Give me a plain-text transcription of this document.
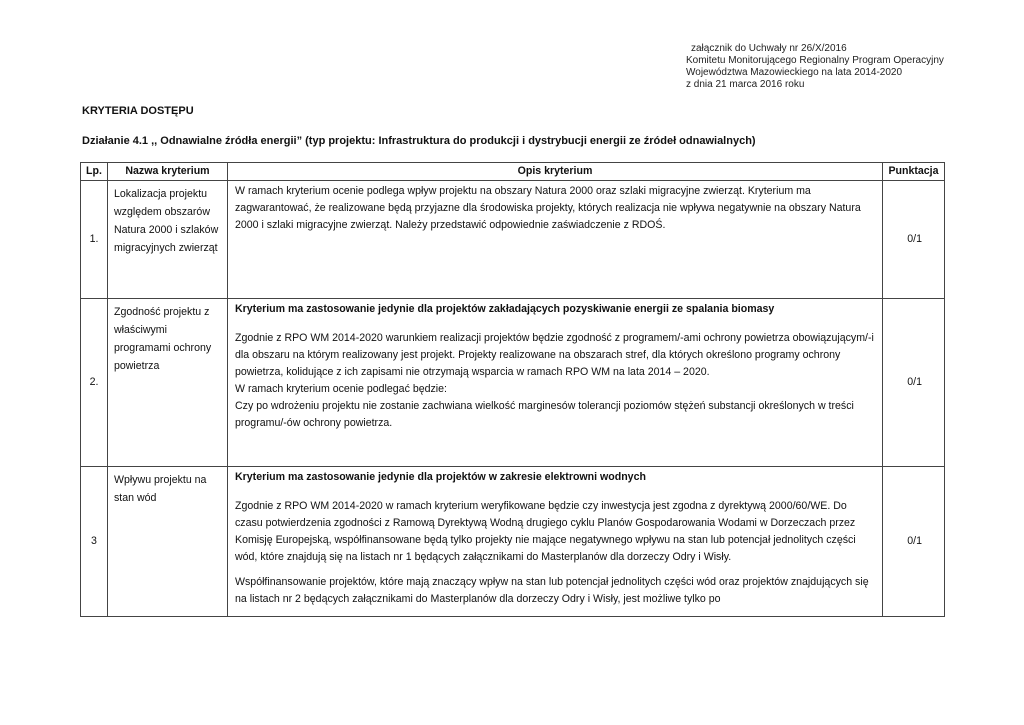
załącznik do Uchwały nr 26/X/2016
Komitetu Monitorującego Regionalny Program Operacyjny
Województwa Mazowieckiego na lata 2014-2020
z dnia 21 marca 2016 roku
KRYTERIA DOSTĘPU
Działanie 4.1 ,, Odnawialne źródła energii” (typ projektu: Infrastruktura do produkcji i dystrybucji energii ze źródeł odnawialnych)
Lp.	Nazwa kryterium	Opis kryterium	Punktacja
1.	Lokalizacja projektu względem obszarów Natura 2000 i szlaków migracyjnych zwierząt	W ramach kryterium ocenie podlega wpływ projektu na obszary Natura 2000 oraz szlaki migracyjne zwierząt. Kryterium ma zagwarantować, że realizowane będą przyjazne dla środowiska projekty, których realizacja nie wpływa negatywnie na obszary Natura 2000 i szlaki migracyjne zwierząt. Należy przedstawić odpowiednie zaświadczenie z RDOŚ.	0/1
2.	Zgodność projektu z właściwymi programami ochrony powietrza	Kryterium ma zastosowanie jedynie dla projektów zakładających pozyskiwanie energii ze spalania biomasy
Zgodnie z RPO WM 2014-2020 warunkiem realizacji projektów będzie zgodność z programem/-ami ochrony powietrza obowiązującym/-i dla obszaru na którym realizowany jest projekt. Projekty realizowane na obszarach stref, dla których określono programy ochrony powietrza, kolidujące z ich zapisami nie otrzymają wsparcia w ramach RPO WM na lata 2014 – 2020.
W ramach kryterium ocenie podlegać będzie:
Czy po wdrożeniu projektu nie zostanie zachwiana wielkość marginesów tolerancji poziomów stężeń substancji określonych w treści programu/-ów ochrony powietrza.	0/1
3	Wpływu projektu na stan wód	Kryterium ma zastosowanie jedynie dla projektów w zakresie elektrowni wodnych
Zgodnie z RPO WM 2014-2020 w ramach kryterium weryfikowane będzie czy inwestycja jest zgodna z dyrektywą 2000/60/WE. Do czasu potwierdzenia zgodności z Ramową Dyrektywą Wodną drugiego cyklu Planów Gospodarowania Wodami w Dorzeczach przez Komisję Europejską, współfinansowane będą tylko projekty nie mające negatywnego wpływu na stan lub potencjał jednolitych części wód, które znajdują się na listach nr 1 będących załącznikami do Masterplanów dla dorzeczy Odry i Wisły.
Współfinansowanie projektów, które mają znaczący wpływ na stan lub potencjał jednolitych części wód oraz projektów znajdujących się na listach nr 2 będących załącznikami do Masterplanów dla dorzeczy Odry i Wisły, jest możliwe tylko po	0/1
